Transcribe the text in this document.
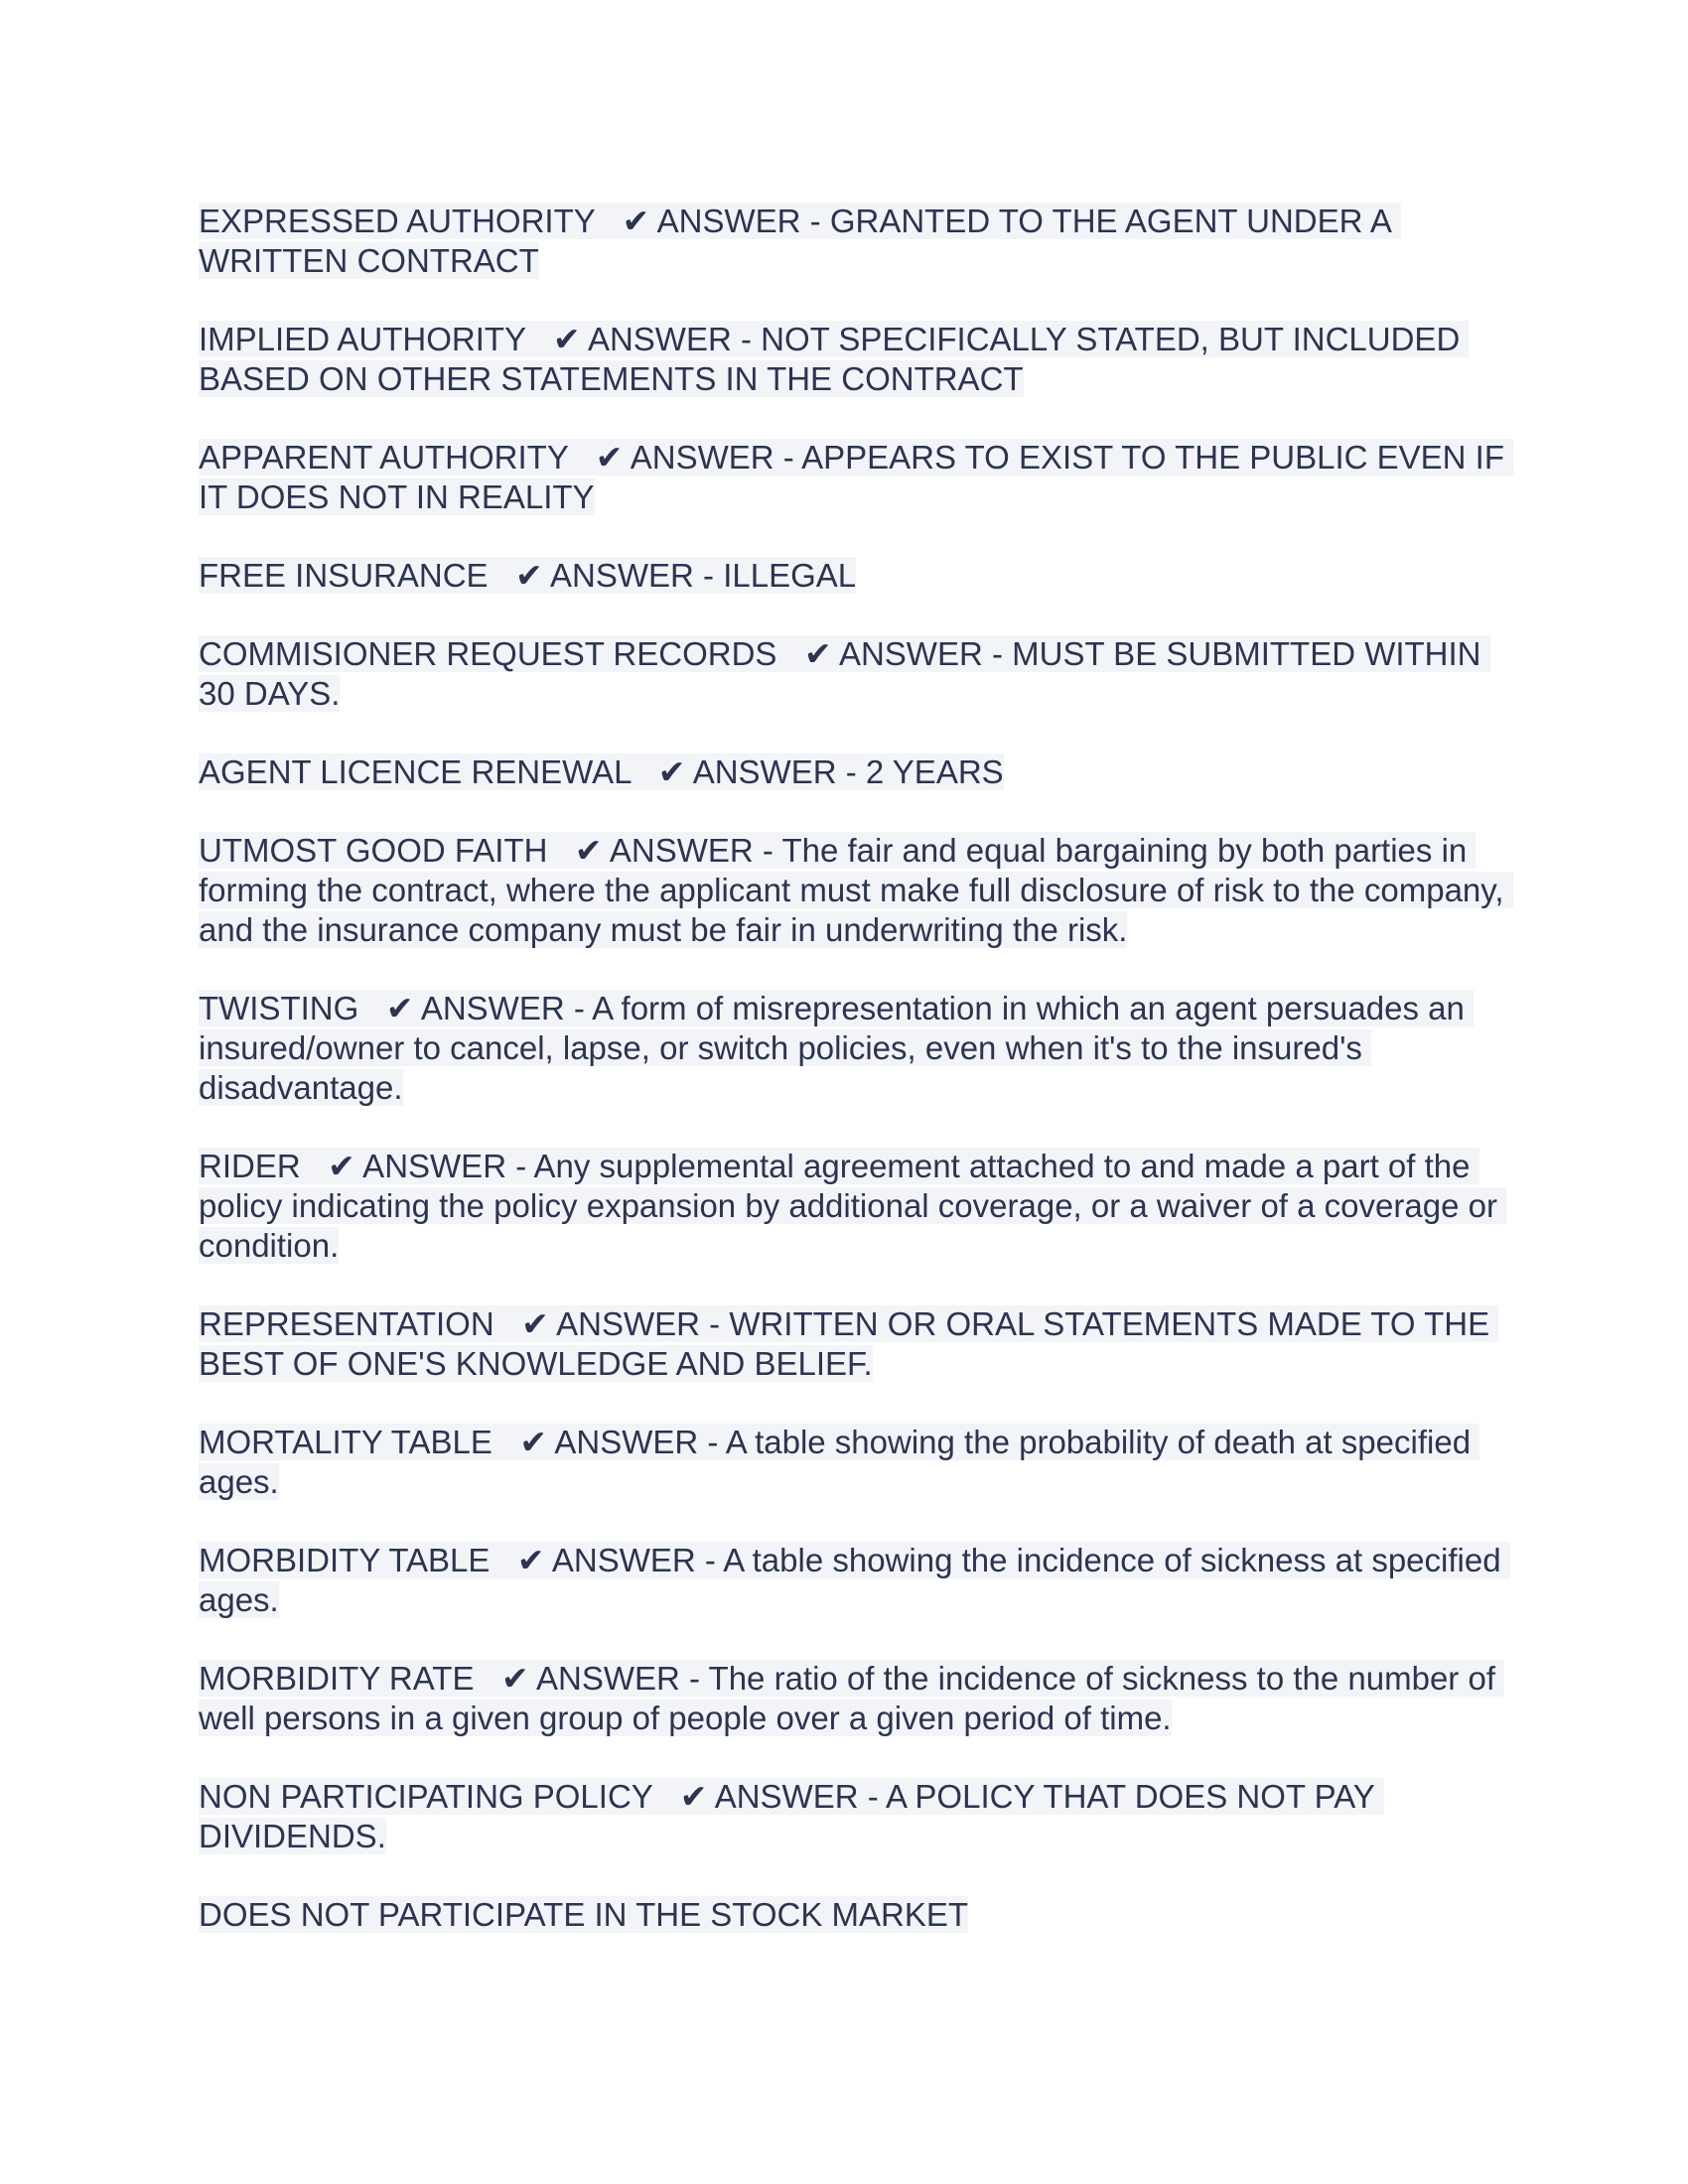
EXPRESSED AUTHORITY   ✔ ANSWER - GRANTED TO THE AGENT UNDER A WRITTEN CONTRACT

IMPLIED AUTHORITY   ✔ ANSWER - NOT SPECIFICALLY STATED, BUT INCLUDED BASED ON OTHER STATEMENTS IN THE CONTRACT

APPARENT AUTHORITY   ✔ ANSWER - APPEARS TO EXIST TO THE PUBLIC EVEN IF IT DOES NOT IN REALITY

FREE INSURANCE   ✔ ANSWER - ILLEGAL

COMMISIONER REQUEST RECORDS   ✔ ANSWER - MUST BE SUBMITTED WITHIN 30 DAYS.

AGENT LICENCE RENEWAL   ✔ ANSWER - 2 YEARS

UTMOST GOOD FAITH   ✔ ANSWER - The fair and equal bargaining by both parties in forming the contract, where the applicant must make full disclosure of risk to the company, and the insurance company must be fair in underwriting the risk.

TWISTING   ✔ ANSWER - A form of misrepresentation in which an agent persuades an insured/owner to cancel, lapse, or switch policies, even when it's to the insured's disadvantage.

RIDER   ✔ ANSWER - Any supplemental agreement attached to and made a part of the policy indicating the policy expansion by additional coverage, or a waiver of a coverage or condition.

REPRESENTATION   ✔ ANSWER - WRITTEN OR ORAL STATEMENTS MADE TO THE BEST OF ONE'S KNOWLEDGE AND BELIEF.

MORTALITY TABLE   ✔ ANSWER - A table showing the probability of death at specified ages.

MORBIDITY TABLE   ✔ ANSWER - A table showing the incidence of sickness at specified ages.

MORBIDITY RATE   ✔ ANSWER - The ratio of the incidence of sickness to the number of well persons in a given group of people over a given period of time.

NON PARTICIPATING POLICY   ✔ ANSWER - A POLICY THAT DOES NOT PAY DIVIDENDS.

DOES NOT PARTICIPATE IN THE STOCK MARKET
